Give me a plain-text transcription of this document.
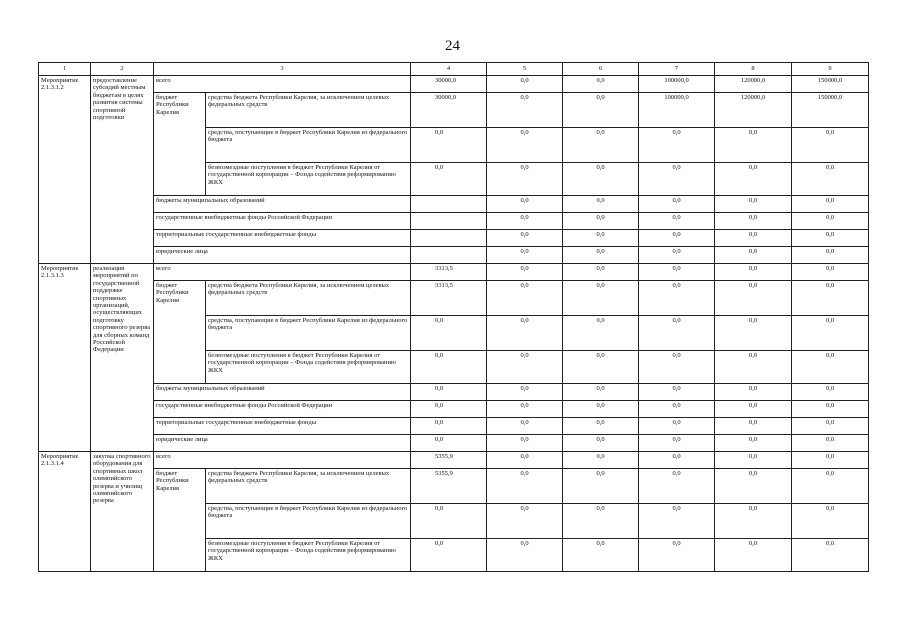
24
1	2	3		4	5	6	7	8	9
Мероприятие 2.1.3.1.2	предоставление субсидий местным бюджетам в целях развития системы спортивной подготовки	всего		30000,0	0,0	0,0	100000,0	120000,0	150000,0
		бюджет Республики Карелия	средства бюджета Республики Карелия, за исключением целевых федеральных средств	30000,0	0,0	0,0	100000,0	120000,0	150000,0
			средства, поступающие в бюджет Республики Карелия из федерального бюджета	0,0	0,0	0,0	0,0	0,0	0,0
			безвозмездные поступления в бюджет Республики Карелия от государственной корпорации – Фонда содействия реформированию ЖКХ	0,0	0,0	0,0	0,0	0,0	0,0
		бюджеты муниципальных образований			0,0	0,0	0,0	0,0	0,0
		государственные внебюджетные фонды Российской Федерации			0,0	0,0	0,0	0,0	0,0
		территориальные государственные внебюджетные фонды			0,0	0,0	0,0	0,0	0,0
		юридические лица			0,0	0,0	0,0	0,0	0,0
Мероприятие 2.1.3.1.3	реализация мероприятий по государственной поддержке спортивных организаций, осуществляющих подготовку спортивного резерва для сборных команд Российской Федерации	всего		3313,5	0,0	0,0	0,0	0,0	0,0
		бюджет Республики Карелия	средства бюджета Республики Карелия, за исключением целевых федеральных средств	3313,5	0,0	0,0	0,0	0,0	0,0
			средства, поступающие в бюджет Республики Карелия из федерального бюджета	0,0	0,0	0,0	0,0	0,0	0,0
			безвозмездные поступления в бюджет Республики Карелия от государственной корпорации – Фонда содействия реформированию ЖКХ	0,0	0,0	0,0	0,0	0,0	0,0
		бюджеты муниципальных образований		0,0	0,0	0,0	0,0	0,0	0,0
		государственные внебюджетные фонды Российской Федерации		0,0	0,0	0,0	0,0	0,0	0,0
		территориальные государственные внебюджетные фонды		0,0	0,0	0,0	0,0	0,0	0,0
		юридические лица		0,0	0,0	0,0	0,0	0,0	0,0
Мероприятие 2.1.3.1.4	закупка спортивного оборудования для спортивных школ олимпийского резерва и училищ олимпийского резерва	всего		5355,9	0,0	0,0	0,0	0,0	0,0
		бюджет Республики Карелия	средства бюджета Республики Карелия, за исключением целевых федеральных средств	5355,9	0,0	0,0	0,0	0,0	0,0
			средства, поступающие в бюджет Республики Карелия из федерального бюджета	0,0	0,0	0,0	0,0	0,0	0,0
			безвозмездные поступления в бюджет Республики Карелия от государственной корпорации – Фонда содействия реформированию ЖКХ	0,0	0,0	0,0	0,0	0,0	0,0
